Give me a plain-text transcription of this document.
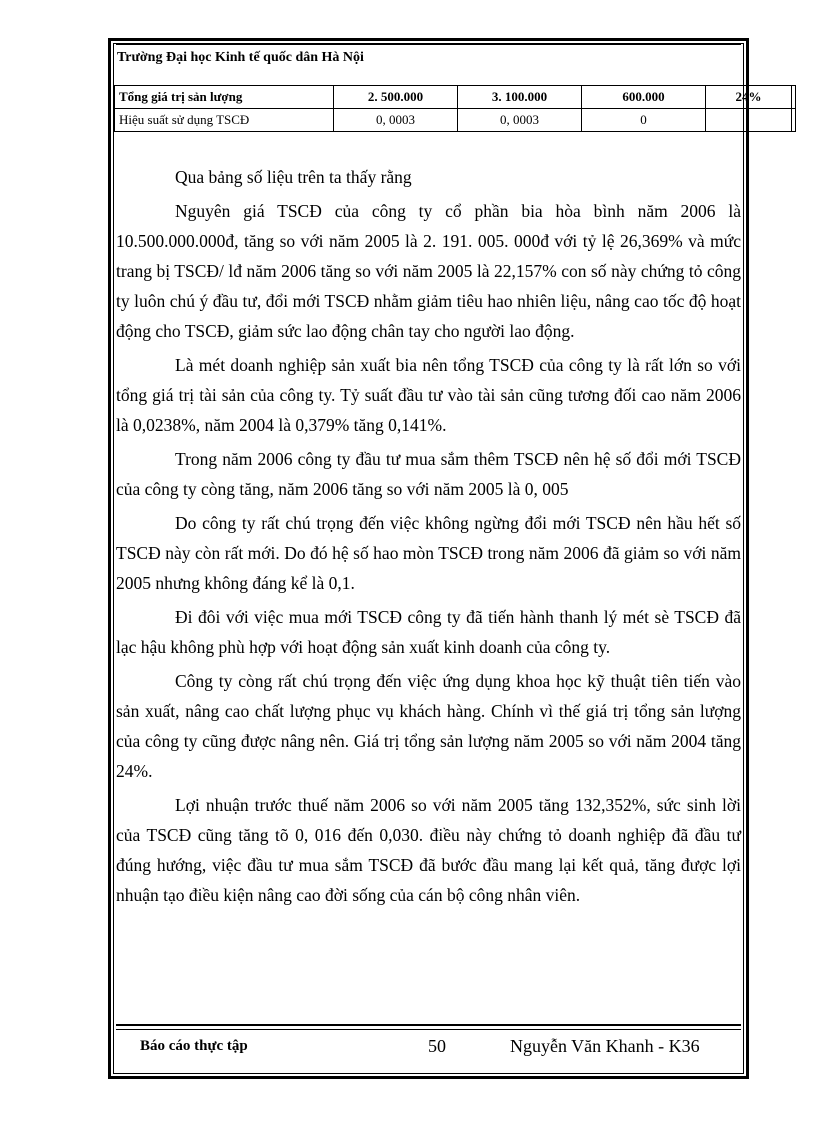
Trường Đại học Kinh tế quốc dân Hà Nội
Tổng giá trị sản lượng	2. 500.000	3. 100.000	600.000	24%	
Hiệu suất sử dụng TSCĐ	0, 0003	0, 0003	0		

Qua bảng số liệu trên ta thấy rằng

Nguyên giá TSCĐ của công ty cổ phần bia hòa bình năm 2006 là 10.500.000.000đ, tăng so với năm 2005 là 2. 191. 005. 000đ với tỷ lệ 26,369% và mức trang bị TSCĐ/ lđ năm 2006 tăng so với năm 2005 là 22,157% con số này chứng tỏ công ty luôn chú ý đầu tư, đổi mới TSCĐ nhằm giảm tiêu hao nhiên liệu, nâng cao tốc độ hoạt động cho TSCĐ, giảm sức lao động chân tay cho người lao động.

Là mét doanh nghiệp sản xuất bia nên tổng TSCĐ của công ty là rất lớn so với tổng giá trị tài sản của công ty. Tỷ suất đầu tư vào tài sản cũng tương đối cao năm 2006 là 0,0238%, năm 2004 là 0,379% tăng 0,141%.

Trong năm 2006 công ty đầu tư mua sắm thêm TSCĐ nên hệ số đổi mới TSCĐ của công ty còng tăng, năm 2006 tăng so với năm 2005 là 0, 005

Do công ty rất chú trọng đến việc không ngừng đổi mới TSCĐ nên hầu hết số TSCĐ này còn rất mới. Do đó hệ số hao mòn TSCĐ trong năm 2006 đã giảm so với năm 2005 nhưng không đáng kể là 0,1.

Đi đôi với việc mua mới TSCĐ công ty đã tiến hành thanh lý mét sè TSCĐ đã lạc hậu không phù hợp với hoạt động sản xuất kinh doanh của công ty.

Công ty còng rất chú trọng đến việc ứng dụng khoa học kỹ thuật tiên tiến vào sản xuất, nâng cao chất lượng phục vụ khách hàng. Chính vì thế giá trị tổng sản lượng của công ty cũng được nâng nên. Giá trị tổng sản lượng năm 2005 so với năm 2004 tăng 24%.

Lợi nhuận trước thuế năm 2006 so với năm 2005 tăng 132,352%, sức sinh lời của TSCĐ cũng tăng tõ 0, 016 đến 0,030. điều này chứng tỏ doanh nghiệp đã đầu tư đúng hướng, việc đầu tư mua sắm TSCĐ đã bước đầu mang lại kết quả, tăng được lợi nhuận tạo điều kiện nâng cao đời sống của cán bộ công nhân viên.

Báo cáo thực tập	50	Nguyễn Văn Khanh - K36
